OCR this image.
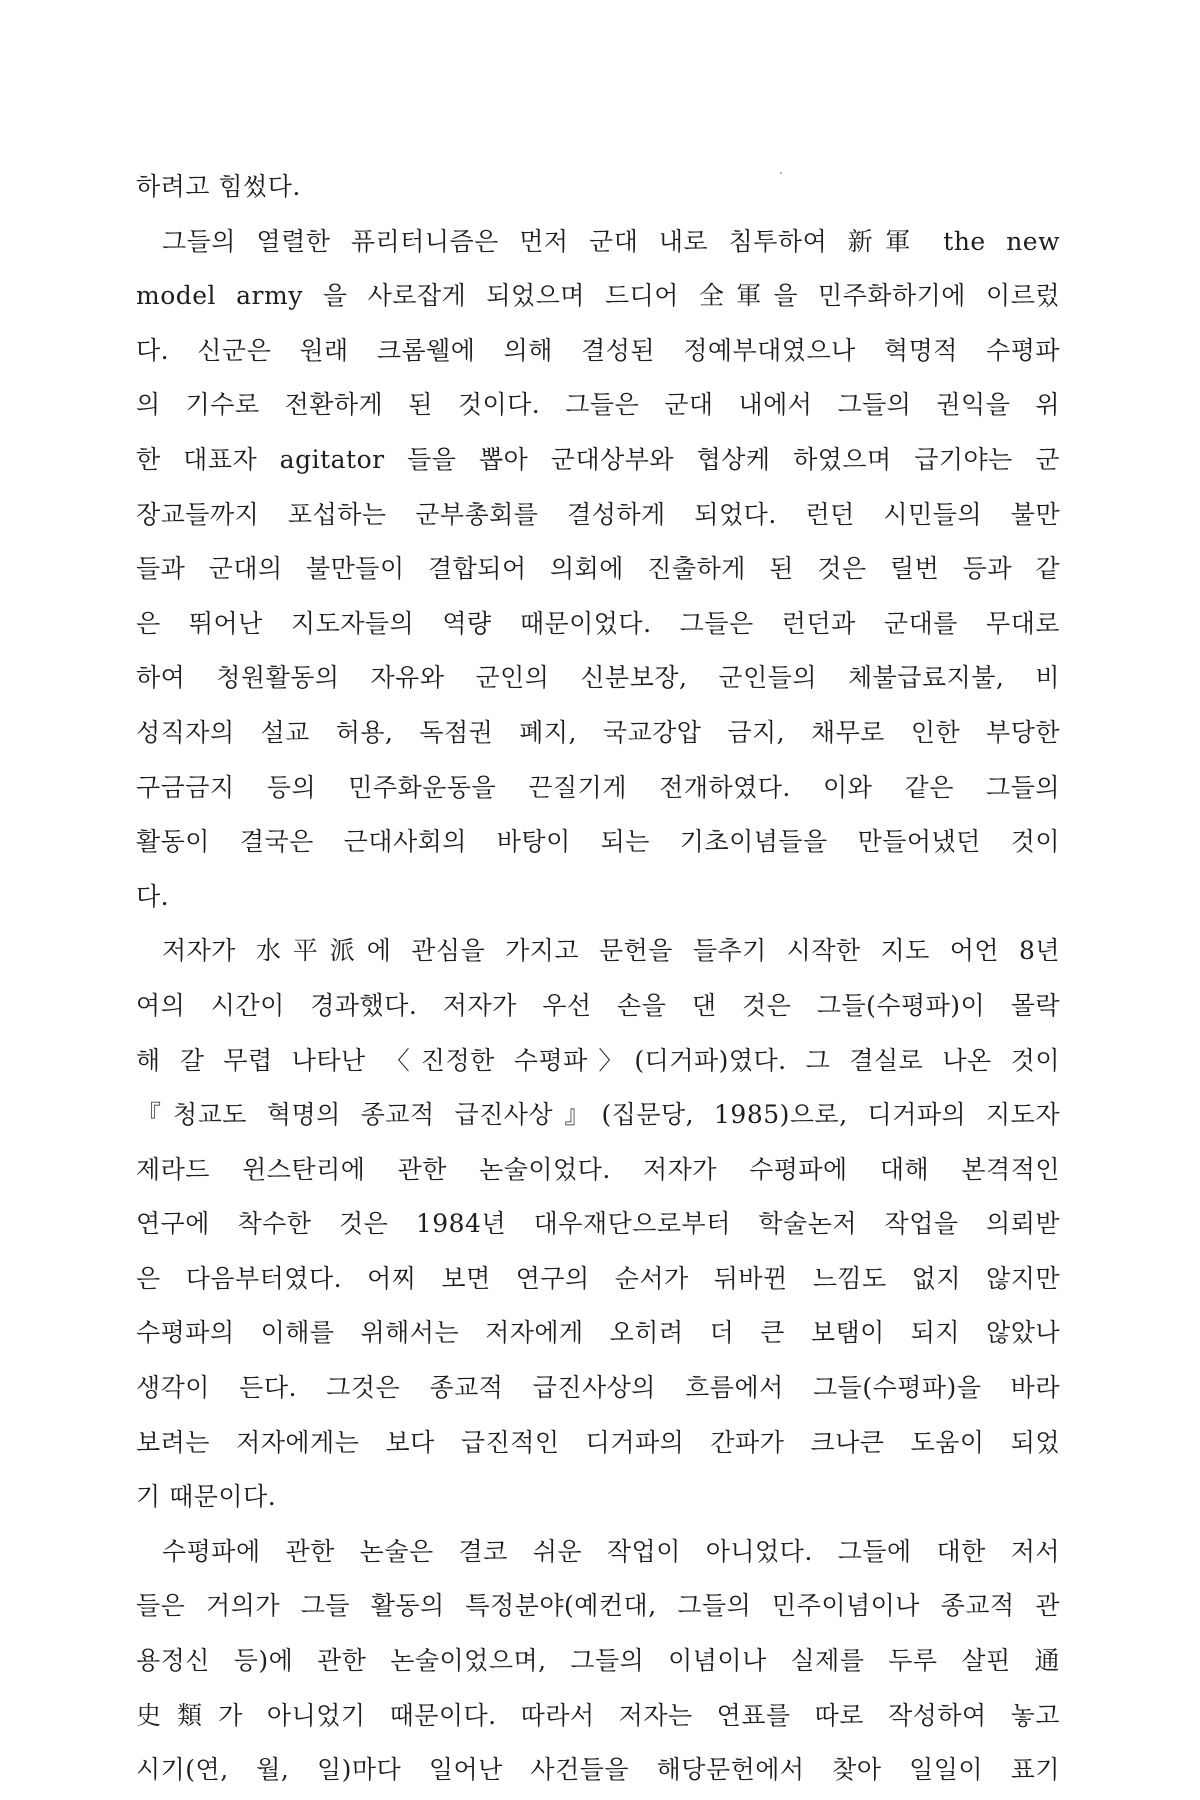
하려고 힘썼다.
그들의 열렬한 퓨리터니즘은 먼저 군대 내로 침투하여 新軍 the new
model army 을 사로잡게 되었으며 드디어 全軍을 민주화하기에 이르렀
다. 신군은 원래 크롬웰에 의해 결성된 정예부대였으나 혁명적 수평파
의 기수로 전환하게 된 것이다. 그들은 군대 내에서 그들의 권익을 위
한 대표자 agitator 들을 뽑아 군대상부와 협상케 하였으며 급기야는 군
장교들까지 포섭하는 군부총회를 결성하게 되었다. 런던 시민들의 불만
들과 군대의 불만들이 결합되어 의회에 진출하게 된 것은 릴번 등과 같
은 뛰어난 지도자들의 역량 때문이었다. 그들은 런던과 군대를 무대로
하여 청원활동의 자유와 군인의 신분보장, 군인들의 체불급료지불, 비
성직자의 설교 허용, 독점권 폐지, 국교강압 금지, 채무로 인한 부당한
구금금지 등의 민주화운동을 끈질기게 전개하였다. 이와 같은 그들의
활동이 결국은 근대사회의 바탕이 되는 기초이념들을 만들어냈던 것이
다.
저자가 水平派에 관심을 가지고 문헌을 들추기 시작한 지도 어언 8년
여의 시간이 경과했다. 저자가 우선 손을 댄 것은 그들(수평파)이 몰락
해 갈 무렵 나타난 〈진정한 수평파〉(디거파)였다. 그 결실로 나온 것이
『청교도 혁명의 종교적 급진사상』(집문당, 1985)으로, 디거파의 지도자
제라드 윈스탄리에 관한 논술이었다. 저자가 수평파에 대해 본격적인
연구에 착수한 것은 1984년 대우재단으로부터 학술논저 작업을 의뢰받
은 다음부터였다. 어찌 보면 연구의 순서가 뒤바뀐 느낌도 없지 않지만
수평파의 이해를 위해서는 저자에게 오히려 더 큰 보탬이 되지 않았나
생각이 든다. 그것은 종교적 급진사상의 흐름에서 그들(수평파)을 바라
보려는 저자에게는 보다 급진적인 디거파의 간파가 크나큰 도움이 되었
기 때문이다.
수평파에 관한 논술은 결코 쉬운 작업이 아니었다. 그들에 대한 저서
들은 거의가 그들 활동의 특정분야(예컨대, 그들의 민주이념이나 종교적 관
용정신 등)에 관한 논술이었으며, 그들의 이념이나 실제를 두루 살핀 通
史類가 아니었기 때문이다. 따라서 저자는 연표를 따로 작성하여 놓고
시기(연, 월, 일)마다 일어난 사건들을 해당문헌에서 찾아 일일이 표기
